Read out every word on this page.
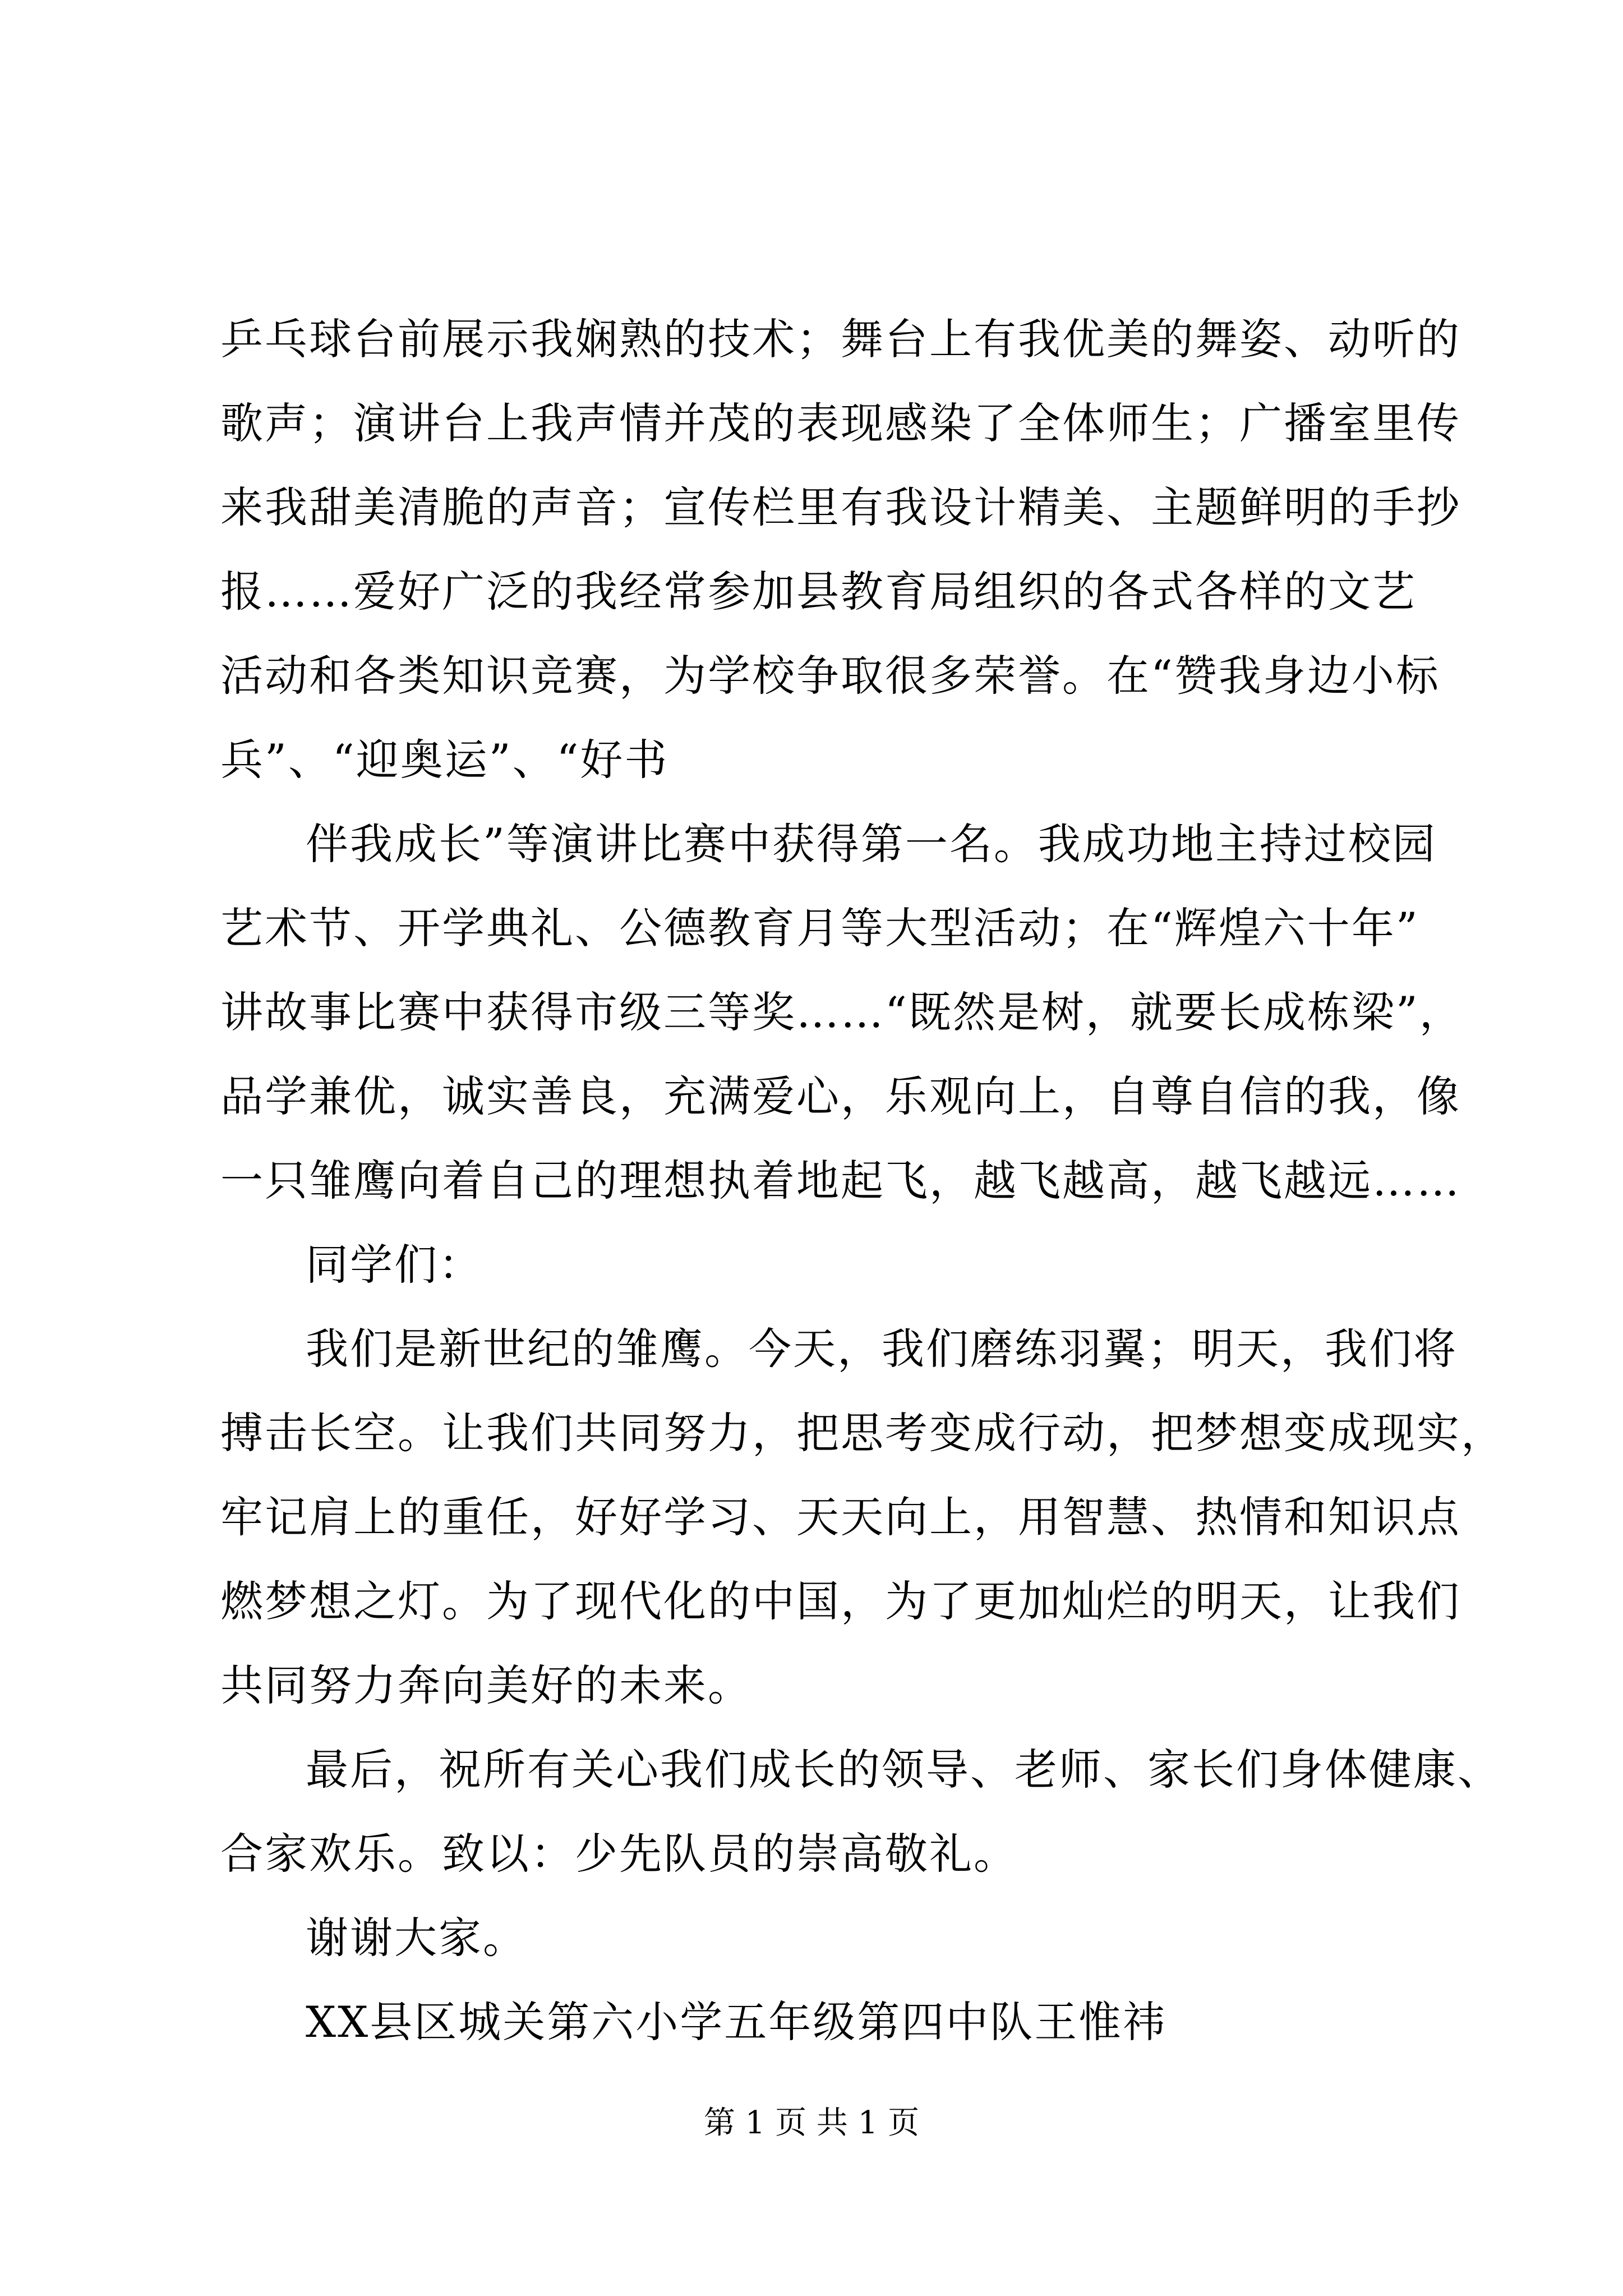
乒乓球台前展示我娴熟的技术；舞台上有我优美的舞姿、动听的
歌声；演讲台上我声情并茂的表现感染了全体师生；广播室里传
来我甜美清脆的声音；宣传栏里有我设计精美、主题鲜明的手抄
报……爱好广泛的我经常参加县教育局组织的各式各样的文艺
活动和各类知识竞赛，为学校争取很多荣誉。在“赞我身边小标
兵”、“迎奥运”、“好书
伴我成长”等演讲比赛中获得第一名。我成功地主持过校园
艺术节、开学典礼、公德教育月等大型活动；在“辉煌六十年”
讲故事比赛中获得市级三等奖……“既然是树，就要长成栋梁”，
品学兼优，诚实善良，充满爱心，乐观向上，自尊自信的我，像
一只雏鹰向着自己的理想执着地起飞，越飞越高，越飞越远……
同学们：
我们是新世纪的雏鹰。今天，我们磨练羽翼；明天，我们将
搏击长空。让我们共同努力，把思考变成行动，把梦想变成现实，
牢记肩上的重任，好好学习、天天向上，用智慧、热情和知识点
燃梦想之灯。为了现代化的中国，为了更加灿烂的明天，让我们
共同努力奔向美好的未来。
最后，祝所有关心我们成长的领导、老师、家长们身体健康、
合家欢乐。致以：少先队员的崇高敬礼。
谢谢大家。
XX县区城关第六小学五年级第四中队王惟祎
第 1 页 共 1 页
